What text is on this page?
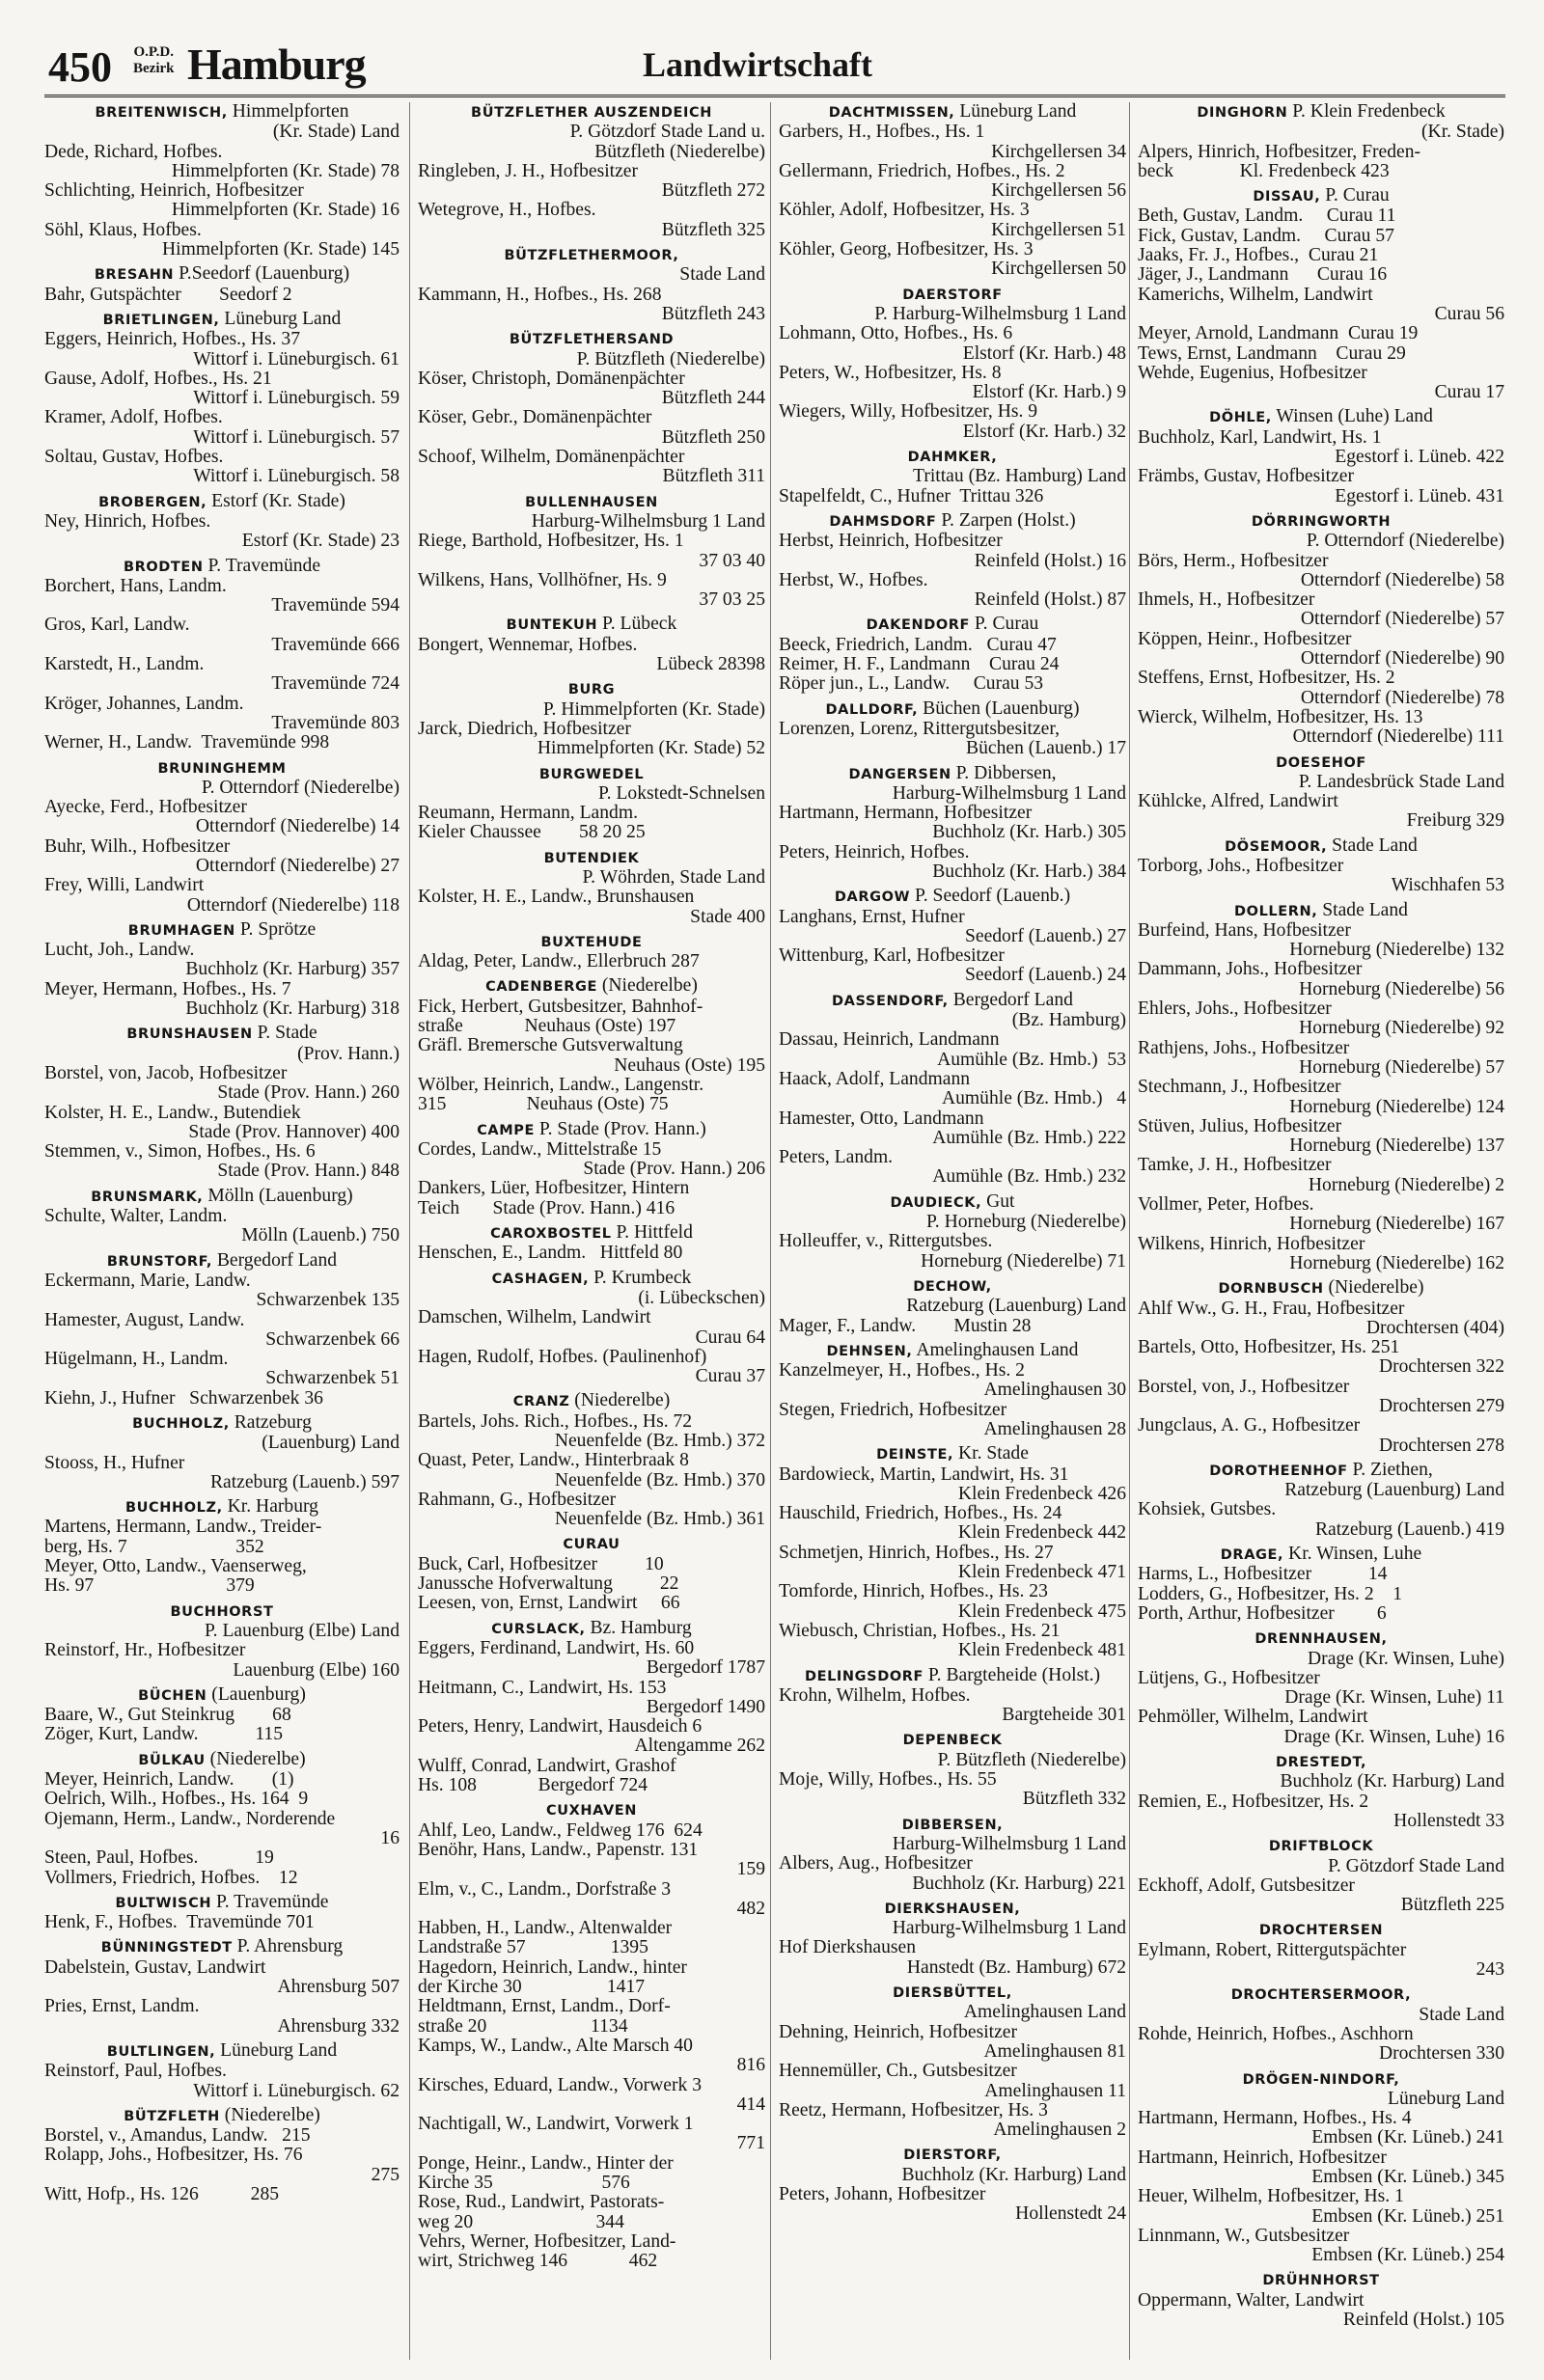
450 O.P.D.
Bezirk Hamburg	Landwirtschaft
BREITENWISCH, Himmelpforten
(Kr. Stade) Land
Dede, Richard, Hofbes.
Himmelpforten (Kr. Stade) 78
Schlichting, Heinrich, Hofbesitzer
Himmelpforten (Kr. Stade) 16
Söhl, Klaus, Hofbes.
Himmelpforten (Kr. Stade) 145
BRESAHN P.Seedorf (Lauenburg)
Bahr, Gutspächter        Seedorf 2
BRIETLINGEN, Lüneburg Land
Eggers, Heinrich, Hofbes., Hs. 37
Wittorf i. Lüneburgisch. 61
Gause, Adolf, Hofbes., Hs. 21
Wittorf i. Lüneburgisch. 59
Kramer, Adolf, Hofbes.
Wittorf i. Lüneburgisch. 57
Soltau, Gustav, Hofbes.
Wittorf i. Lüneburgisch. 58
BROBERGEN, Estorf (Kr. Stade)
Ney, Hinrich, Hofbes.
Estorf (Kr. Stade) 23
BRODTEN P. Travemünde
Borchert, Hans, Landm.
Travemünde 594
Gros, Karl, Landw.
Travemünde 666
Karstedt, H., Landm.
Travemünde 724
Kröger, Johannes, Landm.
Travemünde 803
Werner, H., Landw.  Travemünde 998
BRUNINGHEMM
P. Otterndorf (Niederelbe)
Ayecke, Ferd., Hofbesitzer
Otterndorf (Niederelbe) 14
Buhr, Wilh., Hofbesitzer
Otterndorf (Niederelbe) 27
Frey, Willi, Landwirt
Otterndorf (Niederelbe) 118
BRUMHAGEN P. Sprötze
Lucht, Joh., Landw.
Buchholz (Kr. Harburg) 357
Meyer, Hermann, Hofbes., Hs. 7
Buchholz (Kr. Harburg) 318
BRUNSHAUSEN P. Stade
(Prov. Hann.)
Borstel, von, Jacob, Hofbesitzer
Stade (Prov. Hann.) 260
Kolster, H. E., Landw., Butendiek
Stade (Prov. Hannover) 400
Stemmen, v., Simon, Hofbes., Hs. 6
Stade (Prov. Hann.) 848
BRUNSMARK, Mölln (Lauenburg)
Schulte, Walter, Landm.
Mölln (Lauenb.) 750
BRUNSTORF, Bergedorf Land
Eckermann, Marie, Landw.
Schwarzenbek 135
Hamester, August, Landw.
Schwarzenbek 66
Hügelmann, H., Landm.
Schwarzenbek 51
Kiehn, J., Hufner   Schwarzenbek 36
BUCHHOLZ, Ratzeburg
(Lauenburg) Land
Stooss, H., Hufner
Ratzeburg (Lauenb.) 597
BUCHHOLZ, Kr. Harburg
Martens, Hermann, Landw., Treider-
berg, Hs. 7                       352
Meyer, Otto, Landw., Vaenserweg,
Hs. 97                            379
BUCHHORST
P. Lauenburg (Elbe) Land
Reinstorf, Hr., Hofbesitzer
Lauenburg (Elbe) 160
BÜCHEN (Lauenburg)
Baare, W., Gut Steinkrug        68
Zöger, Kurt, Landw.            115
BÜLKAU (Niederelbe)
Meyer, Heinrich, Landw.        (1)
Oelrich, Wilh., Hofbes., Hs. 164  9
Ojemann, Herm., Landw., Norderende
16
Steen, Paul, Hofbes.            19
Vollmers, Friedrich, Hofbes.    12
BULTWISCH P. Travemünde
Henk, F., Hofbes.  Travemünde 701
BÜNNINGSTEDT P. Ahrensburg
Dabelstein, Gustav, Landwirt
Ahrensburg 507
Pries, Ernst, Landm.
Ahrensburg 332
BULTLINGEN, Lüneburg Land
Reinstorf, Paul, Hofbes.
Wittorf i. Lüneburgisch. 62
BÜTZFLETH (Niederelbe)
Borstel, v., Amandus, Landw.   215
Rolapp, Johs., Hofbesitzer, Hs. 76
275
Witt, Hofp., Hs. 126           285
BÜTZFLETHER AUSZENDEICH
P. Götzdorf Stade Land u.
Bützfleth (Niederelbe)
Ringleben, J. H., Hofbesitzer
Bützfleth 272
Wetegrove, H., Hofbes.
Bützfleth 325
BÜTZFLETHERMOOR,
Stade Land
Kammann, H., Hofbes., Hs. 268
Bützfleth 243
BÜTZFLETHERSAND
P. Bützfleth (Niederelbe)
Köser, Christoph, Domänenpächter
Bützfleth 244
Köser, Gebr., Domänenpächter
Bützfleth 250
Schoof, Wilhelm, Domänenpächter
Bützfleth 311
BULLENHAUSEN
Harburg-Wilhelmsburg 1 Land
Riege, Barthold, Hofbesitzer, Hs. 1
37 03 40
Wilkens, Hans, Vollhöfner, Hs. 9
37 03 25
BUNTEKUH P. Lübeck
Bongert, Wennemar, Hofbes.
Lübeck 28398
BURG
P. Himmelpforten (Kr. Stade)
Jarck, Diedrich, Hofbesitzer
Himmelpforten (Kr. Stade) 52
BURGWEDEL
P. Lokstedt-Schnelsen
Reumann, Hermann, Landm.
Kieler Chaussee        58 20 25
BUTENDIEK
P. Wöhrden, Stade Land
Kolster, H. E., Landw., Brunshausen
Stade 400
BUXTEHUDE
Aldag, Peter, Landw., Ellerbruch 287
CADENBERGE (Niederelbe)
Fick, Herbert, Gutsbesitzer, Bahnhof-
straße             Neuhaus (Oste) 197
Gräfl. Bremersche Gutsverwaltung
Neuhaus (Oste) 195
Wölber, Heinrich, Landw., Langenstr.
315                 Neuhaus (Oste) 75
CAMPE P. Stade (Prov. Hann.)
Cordes, Landw., Mittelstraße 15
Stade (Prov. Hann.) 206
Dankers, Lüer, Hofbesitzer, Hintern
Teich       Stade (Prov. Hann.) 416
CAROXBOSTEL P. Hittfeld
Henschen, E., Landm.   Hittfeld 80
CASHAGEN, P. Krumbeck
(i. Lübeckschen)
Damschen, Wilhelm, Landwirt
Curau 64
Hagen, Rudolf, Hofbes. (Paulinenhof)
Curau 37
CRANZ (Niederelbe)
Bartels, Johs. Rich., Hofbes., Hs. 72
Neuenfelde (Bz. Hmb.) 372
Quast, Peter, Landw., Hinterbraak 8
Neuenfelde (Bz. Hmb.) 370
Rahmann, G., Hofbesitzer
Neuenfelde (Bz. Hmb.) 361
CURAU
Buck, Carl, Hofbesitzer          10
Janussche Hofverwaltung          22
Leesen, von, Ernst, Landwirt     66
CURSLACK, Bz. Hamburg
Eggers, Ferdinand, Landwirt, Hs. 60
Bergedorf 1787
Heitmann, C., Landwirt, Hs. 153
Bergedorf 1490
Peters, Henry, Landwirt, Hausdeich 6
Altengamme 262
Wulff, Conrad, Landwirt, Grashof
Hs. 108             Bergedorf 724
CUXHAVEN
Ahlf, Leo, Landw., Feldweg 176  624
Benöhr, Hans, Landw., Papenstr. 131
159
Elm, v., C., Landm., Dorfstraße 3
482
Habben, H., Landw., Altenwalder
Landstraße 57                  1395
Hagedorn, Heinrich, Landw., hinter
der Kirche 30                  1417
Heldtmann, Ernst, Landm., Dorf-
straße 20                      1134
Kamps, W., Landw., Alte Marsch 40
816
Kirsches, Eduard, Landw., Vorwerk 3
414
Nachtigall, W., Landwirt, Vorwerk 1
771
Ponge, Heinr., Landw., Hinter der
Kirche 35                       576
Rose, Rud., Landwirt, Pastorats-
weg 20                          344
Vehrs, Werner, Hofbesitzer, Land-
wirt, Strichweg 146             462
DACHTMISSEN, Lüneburg Land
Garbers, H., Hofbes., Hs. 1
Kirchgellersen 34
Gellermann, Friedrich, Hofbes., Hs. 2
Kirchgellersen 56
Köhler, Adolf, Hofbesitzer, Hs. 3
Kirchgellersen 51
Köhler, Georg, Hofbesitzer, Hs. 3
Kirchgellersen 50
DAERSTORF
P. Harburg-Wilhelmsburg 1 Land
Lohmann, Otto, Hofbes., Hs. 6
Elstorf (Kr. Harb.) 48
Peters, W., Hofbesitzer, Hs. 8
Elstorf (Kr. Harb.) 9
Wiegers, Willy, Hofbesitzer, Hs. 9
Elstorf (Kr. Harb.) 32
DAHMKER,
Trittau (Bz. Hamburg) Land
Stapelfeldt, C., Hufner  Trittau 326
DAHMSDORF P. Zarpen (Holst.)
Herbst, Heinrich, Hofbesitzer
Reinfeld (Holst.) 16
Herbst, W., Hofbes.
Reinfeld (Holst.) 87
DAKENDORF P. Curau
Beeck, Friedrich, Landm.   Curau 47
Reimer, H. F., Landmann    Curau 24
Röper jun., L., Landw.     Curau 53
DALLDORF, Büchen (Lauenburg)
Lorenzen, Lorenz, Rittergutsbesitzer,
Büchen (Lauenb.) 17
DANGERSEN P. Dibbersen,
Harburg-Wilhelmsburg 1 Land
Hartmann, Hermann, Hofbesitzer
Buchholz (Kr. Harb.) 305
Peters, Heinrich, Hofbes.
Buchholz (Kr. Harb.) 384
DARGOW P. Seedorf (Lauenb.)
Langhans, Ernst, Hufner
Seedorf (Lauenb.) 27
Wittenburg, Karl, Hofbesitzer
Seedorf (Lauenb.) 24
DASSENDORF, Bergedorf Land
(Bz. Hamburg)
Dassau, Heinrich, Landmann
Aumühle (Bz. Hmb.)  53
Haack, Adolf, Landmann
Aumühle (Bz. Hmb.)   4
Hamester, Otto, Landmann
Aumühle (Bz. Hmb.) 222
Peters, Landm.
Aumühle (Bz. Hmb.) 232
DAUDIECK, Gut
P. Horneburg (Niederelbe)
Holleuffer, v., Rittergutsbes.
Horneburg (Niederelbe) 71
DECHOW,
Ratzeburg (Lauenburg) Land
Mager, F., Landw.        Mustin 28
DEHNSEN, Amelinghausen Land
Kanzelmeyer, H., Hofbes., Hs. 2
Amelinghausen 30
Stegen, Friedrich, Hofbesitzer
Amelinghausen 28
DEINSTE, Kr. Stade
Bardowieck, Martin, Landwirt, Hs. 31
Klein Fredenbeck 426
Hauschild, Friedrich, Hofbes., Hs. 24
Klein Fredenbeck 442
Schmetjen, Hinrich, Hofbes., Hs. 27
Klein Fredenbeck 471
Tomforde, Hinrich, Hofbes., Hs. 23
Klein Fredenbeck 475
Wiebusch, Christian, Hofbes., Hs. 21
Klein Fredenbeck 481
DELINGSDORF P. Bargteheide (Holst.)
Krohn, Wilhelm, Hofbes.
Bargteheide 301
DEPENBECK
P. Bützfleth (Niederelbe)
Moje, Willy, Hofbes., Hs. 55
Bützfleth 332
DIBBERSEN,
Harburg-Wilhelmsburg 1 Land
Albers, Aug., Hofbesitzer
Buchholz (Kr. Harburg) 221
DIERKSHAUSEN,
Harburg-Wilhelmsburg 1 Land
Hof Dierkshausen
Hanstedt (Bz. Hamburg) 672
DIERSBÜTTEL,
Amelinghausen Land
Dehning, Heinrich, Hofbesitzer
Amelinghausen 81
Hennemüller, Ch., Gutsbesitzer
Amelinghausen 11
Reetz, Hermann, Hofbesitzer, Hs. 3
Amelinghausen 2
DIERSTORF,
Buchholz (Kr. Harburg) Land
Peters, Johann, Hofbesitzer
Hollenstedt 24
DINGHORN P. Klein Fredenbeck
(Kr. Stade)
Alpers, Hinrich, Hofbesitzer, Freden-
beck              Kl. Fredenbeck 423
DISSAU, P. Curau
Beth, Gustav, Landm.     Curau 11
Fick, Gustav, Landm.     Curau 57
Jaaks, Fr. J., Hofbes.,  Curau 21
Jäger, J., Landmann      Curau 16
Kamerichs, Wilhelm, Landwirt
Curau 56
Meyer, Arnold, Landmann  Curau 19
Tews, Ernst, Landmann    Curau 29
Wehde, Eugenius, Hofbesitzer
Curau 17
DÖHLE, Winsen (Luhe) Land
Buchholz, Karl, Landwirt, Hs. 1
Egestorf i. Lüneb. 422
Främbs, Gustav, Hofbesitzer
Egestorf i. Lüneb. 431
DÖRRINGWORTH
P. Otterndorf (Niederelbe)
Börs, Herm., Hofbesitzer
Otterndorf (Niederelbe) 58
Ihmels, H., Hofbesitzer
Otterndorf (Niederelbe) 57
Köppen, Heinr., Hofbesitzer
Otterndorf (Niederelbe) 90
Steffens, Ernst, Hofbesitzer, Hs. 2
Otterndorf (Niederelbe) 78
Wierck, Wilhelm, Hofbesitzer, Hs. 13
Otterndorf (Niederelbe) 111
DOESEHOF
P. Landesbrück Stade Land
Kühlcke, Alfred, Landwirt
Freiburg 329
DÖSEMOOR, Stade Land
Torborg, Johs., Hofbesitzer
Wischhafen 53
DOLLERN, Stade Land
Burfeind, Hans, Hofbesitzer
Horneburg (Niederelbe) 132
Dammann, Johs., Hofbesitzer
Horneburg (Niederelbe) 56
Ehlers, Johs., Hofbesitzer
Horneburg (Niederelbe) 92
Rathjens, Johs., Hofbesitzer
Horneburg (Niederelbe) 57
Stechmann, J., Hofbesitzer
Horneburg (Niederelbe) 124
Stüven, Julius, Hofbesitzer
Horneburg (Niederelbe) 137
Tamke, J. H., Hofbesitzer
Horneburg (Niederelbe) 2
Vollmer, Peter, Hofbes.
Horneburg (Niederelbe) 167
Wilkens, Hinrich, Hofbesitzer
Horneburg (Niederelbe) 162
DORNBUSCH (Niederelbe)
Ahlf Ww., G. H., Frau, Hofbesitzer
Drochtersen (404)
Bartels, Otto, Hofbesitzer, Hs. 251
Drochtersen 322
Borstel, von, J., Hofbesitzer
Drochtersen 279
Jungclaus, A. G., Hofbesitzer
Drochtersen 278
DOROTHEENHOF P. Ziethen,
Ratzeburg (Lauenburg) Land
Kohsiek, Gutsbes.
Ratzeburg (Lauenb.) 419
DRAGE, Kr. Winsen, Luhe
Harms, L., Hofbesitzer            14
Lodders, G., Hofbesitzer, Hs. 2    1
Porth, Arthur, Hofbesitzer         6
DRENNHAUSEN,
Drage (Kr. Winsen, Luhe)
Lütjens, G., Hofbesitzer
Drage (Kr. Winsen, Luhe) 11
Pehmöller, Wilhelm, Landwirt
Drage (Kr. Winsen, Luhe) 16
DRESTEDT,
Buchholz (Kr. Harburg) Land
Remien, E., Hofbesitzer, Hs. 2
Hollenstedt 33
DRIFTBLOCK
P. Götzdorf Stade Land
Eckhoff, Adolf, Gutsbesitzer
Bützfleth 225
DROCHTERSEN
Eylmann, Robert, Rittergutspächter
243
DROCHTERSERMOOR,
Stade Land
Rohde, Heinrich, Hofbes., Aschhorn
Drochtersen 330
DRÖGEN-NINDORF,
Lüneburg Land
Hartmann, Hermann, Hofbes., Hs. 4
Embsen (Kr. Lüneb.) 241
Hartmann, Heinrich, Hofbesitzer
Embsen (Kr. Lüneb.) 345
Heuer, Wilhelm, Hofbesitzer, Hs. 1
Embsen (Kr. Lüneb.) 251
Linnmann, W., Gutsbesitzer
Embsen (Kr. Lüneb.) 254
DRÜHNHORST
Oppermann, Walter, Landwirt
Reinfeld (Holst.) 105
